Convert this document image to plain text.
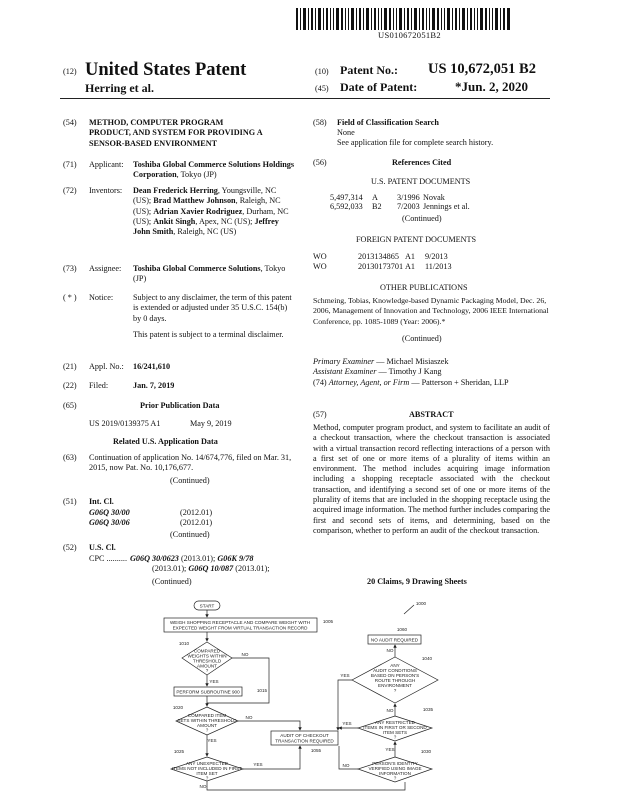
US010672051B2
(12) United States Patent
Herring et al.
(10) Patent No.: US 10,672,051 B2
(45) Date of Patent:	*Jun. 2, 2020
(54) METHOD, COMPUTER PROGRAM PRODUCT, AND SYSTEM FOR PROVIDING A SENSOR-BASED ENVIRONMENT
(71) Applicant: Toshiba Global Commerce Solutions Holdings Corporation, Tokyo (JP)
(72) Inventors: Dean Frederick Herring, Youngsville, NC (US); Brad Matthew Johnson, Raleigh, NC (US); Adrian Xavier Rodriguez, Durham, NC (US); Ankit Singh, Apex, NC (US); Jeffrey John Smith, Raleigh, NC (US)
(73) Assignee: Toshiba Global Commerce Solutions, Tokyo (JP)
( * ) Notice: Subject to any disclaimer, the term of this patent is extended or adjusted under 35 U.S.C. 154(b) by 0 days.
This patent is subject to a terminal disclaimer.
(21) Appl. No.: 16/241,610
(22) Filed:	Jan. 7, 2019
(65)	Prior Publication Data
US 2019/0139375 A1	May 9, 2019
Related U.S. Application Data
(63) Continuation of application No. 14/674,776, filed on Mar. 31, 2015, now Pat. No. 10,176,677.
(Continued)
(51) Int. Cl.
G06Q 30/00	(2012.01)
G06Q 30/06	(2012.01)
(Continued)
(52) U.S. Cl.
CPC .......... G06Q 30/0623 (2013.01); G06K 9/78
(2013.01); G06Q 10/087 (2013.01);
(Continued)
(58) Field of Classification Search
None
See application file for complete search history.
(56)	References Cited
U.S. PATENT DOCUMENTS
5,497,314 A 3/1996 Novak
6,592,033 B2 7/2003 Jennings et al.
(Continued)
FOREIGN PATENT DOCUMENTS
WO	2013134865 A1 9/2013
WO	20130173701 A1 11/2013
OTHER PUBLICATIONS
Schmeing, Tobias, Knowledge-based Dynamic Packaging Model, Dec. 26, 2006, Management of Innovation and Technology, 2006 IEEE International Conference, pp. 1085-1089 (Year: 2006).*
(Continued)
Primary Examiner — Michael Misiaszek
Assistant Examiner — Timothy J Kang
(74) Attorney, Agent, or Firm — Patterson + Sheridan, LLP
(57)	ABSTRACT
Method, computer program product, and system to facilitate an audit of a checkout transaction, where the checkout transaction is associated with a virtual transaction record reflecting interactions of a person with a first set of one or more items of a plurality of items within an environment. The method includes acquiring image information including a shopping receptacle associated with the checkout transaction, and identifying a second set of one or more items of the plurality of items that are included in the shopping receptacle using the acquired image information. The method further includes comparing the first and second sets of items, and determining, based on the comparison, whether to perform an audit of the checkout transaction.
20 Claims, 9 Drawing Sheets
1000
START
WEIGH SHOPPING RECEPTACLE AND COMPARE WEIGHT WITH
EXPECTED WEIGHT FROM VIRTUAL TRANSACTION RECORD
1005
1010
COMPARED
WEIGHTS WITHIN
THRESHOLD
AMOUNT
?
NO
YES
PERFORM SUBROUTINE 900	1015
1020
COMPARED ITEM
SETS WITHIN THRESHOLD
AMOUNT
?
NO
YES
AUDIT OF CHECKOUT
TRANSACTION REQUIRED
1055
1025
ANY UNEXPECTED
ITEMS NOT INCLUDED IN FIRST
ITEM SET
?
YES
NO
1060
NO AUDIT REQUIRED
NO
1040
ANY
AUDIT CONDITIONS
BASED ON PERSON'S
ROUTE THROUGH
ENVIRONMENT
?
YES
NO	1035
ANY RESTRICTED
ITEMS IN FIRST OR SECOND
ITEM SETS
?
YES
YES	1030
PERSON'S IDENTITY
VERIFIED USING IMAGE
INFORMATION
?
NO
